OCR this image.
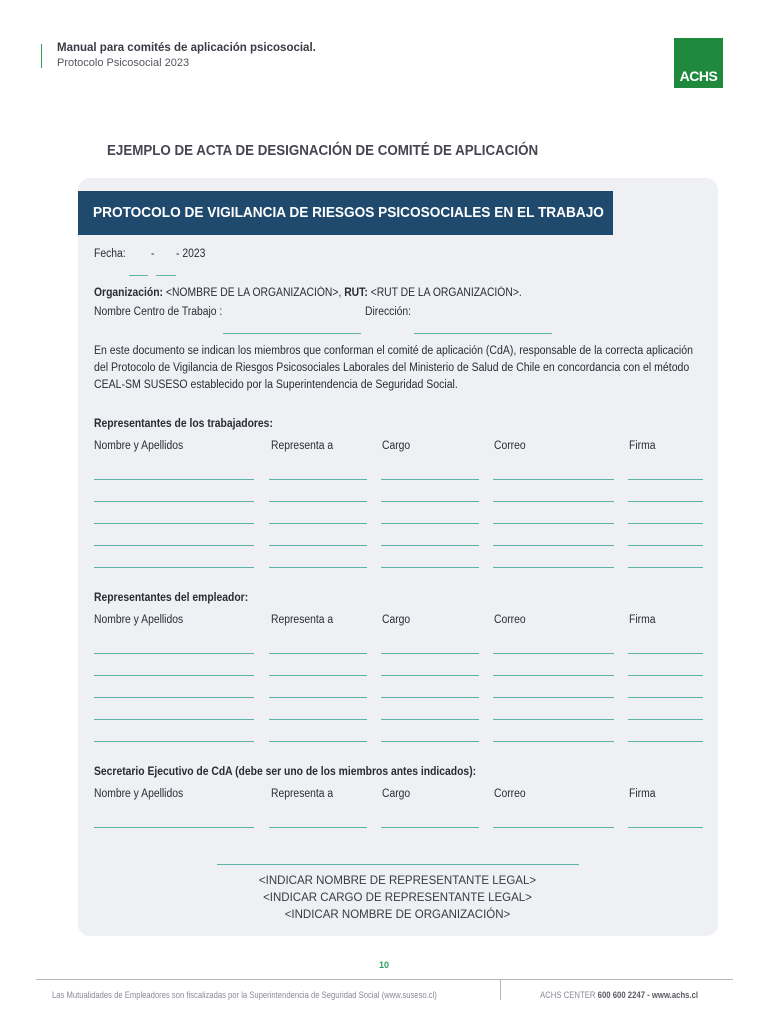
Manual para comités de aplicación psicosocial.
Protocolo Psicosocial 2023
ACHS
EJEMPLO DE ACTA DE DESIGNACIÓN DE COMITÉ DE APLICACIÓN
PROTOCOLO DE VIGILANCIA DE RIESGOS PSICOSOCIALES EN EL TRABAJO
Fecha: - - 2023
Organización: <NOMBRE DE LA ORGANIZACIÓN>, RUT: <RUT DE LA ORGANIZACIÓN>.
Nombre Centro de Trabajo :	Dirección:
En este documento se indican los miembros que conforman el comité de aplicación (CdA), responsable de la correcta aplicación del Protocolo de Vigilancia de Riesgos Psicosociales Laborales del Ministerio de Salud de Chile en concordancia con el método CEAL-SM SUSESO establecido por la Superintendencia de Seguridad Social.
Representantes de los trabajadores:
Nombre y Apellidos	Representa a	Cargo	Correo	Firma
Representantes del empleador:
Nombre y Apellidos	Representa a	Cargo	Correo	Firma
Secretario Ejecutivo de CdA (debe ser uno de los miembros antes indicados):
Nombre y Apellidos	Representa a	Cargo	Correo	Firma
<INDICAR NOMBRE DE REPRESENTANTE LEGAL>
<INDICAR CARGO DE REPRESENTANTE LEGAL>
<INDICAR NOMBRE DE ORGANIZACIÓN>
10
Las Mutualidades de Empleadores son fiscalizadas por la Superintendencia de Seguridad Social (www.suseso.cl)	ACHS CENTER 600 600 2247 - www.achs.cl
